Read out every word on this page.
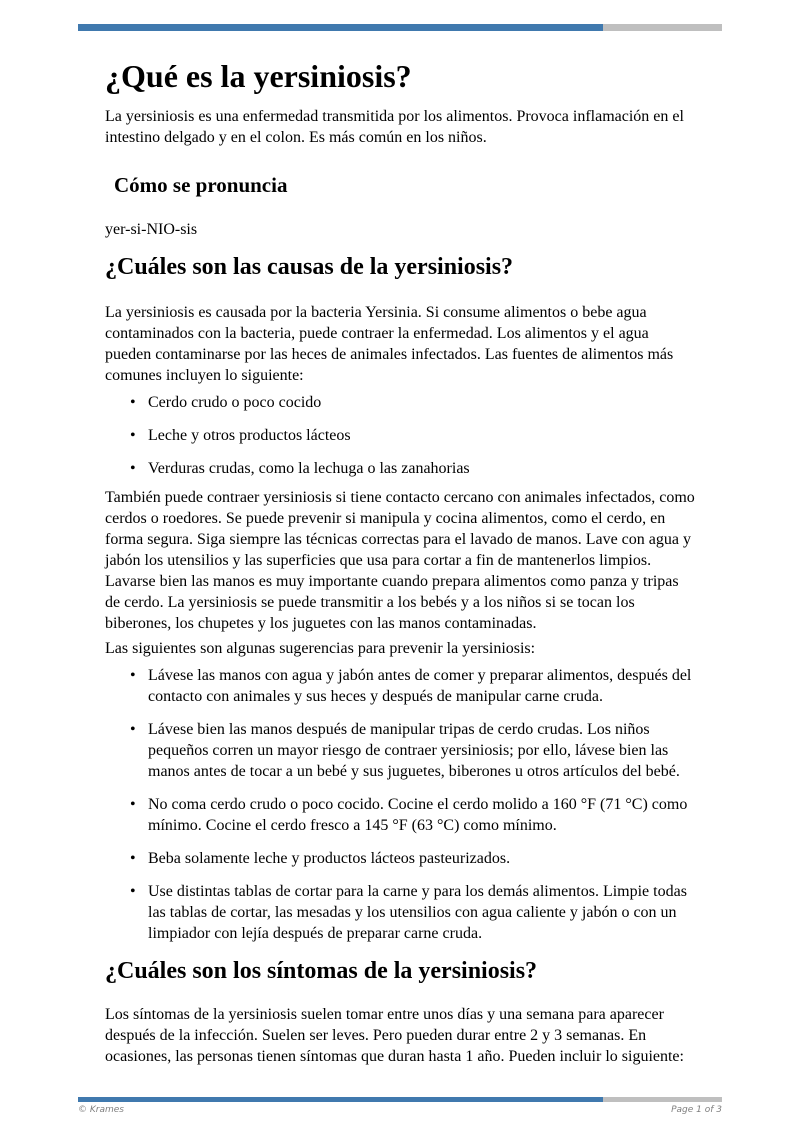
¿Qué es la yersiniosis?

La yersiniosis es una enfermedad transmitida por los alimentos. Provoca inflamación en el intestino delgado y en el colon. Es más común en los niños.

Cómo se pronuncia

yer-si-NIO-sis

¿Cuáles son las causas de la yersiniosis?

La yersiniosis es causada por la bacteria Yersinia. Si consume alimentos o bebe agua contaminados con la bacteria, puede contraer la enfermedad. Los alimentos y el agua pueden contaminarse por las heces de animales infectados. Las fuentes de alimentos más comunes incluyen lo siguiente:

• Cerdo crudo o poco cocido
• Leche y otros productos lácteos
• Verduras crudas, como la lechuga o las zanahorias

También puede contraer yersiniosis si tiene contacto cercano con animales infectados, como cerdos o roedores. Se puede prevenir si manipula y cocina alimentos, como el cerdo, en forma segura. Siga siempre las técnicas correctas para el lavado de manos. Lave con agua y jabón los utensilios y las superficies que usa para cortar a fin de mantenerlos limpios. Lavarse bien las manos es muy importante cuando prepara alimentos como panza y tripas de cerdo. La yersiniosis se puede transmitir a los bebés y a los niños si se tocan los biberones, los chupetes y los juguetes con las manos contaminadas.

Las siguientes son algunas sugerencias para prevenir la yersiniosis:

• Lávese las manos con agua y jabón antes de comer y preparar alimentos, después del contacto con animales y sus heces y después de manipular carne cruda.
• Lávese bien las manos después de manipular tripas de cerdo crudas. Los niños pequeños corren un mayor riesgo de contraer yersiniosis; por ello, lávese bien las manos antes de tocar a un bebé y sus juguetes, biberones u otros artículos del bebé.
• No coma cerdo crudo o poco cocido. Cocine el cerdo molido a 160 °F (71 °C) como mínimo. Cocine el cerdo fresco a 145 °F (63 °C) como mínimo.
• Beba solamente leche y productos lácteos pasteurizados.
• Use distintas tablas de cortar para la carne y para los demás alimentos. Limpie todas las tablas de cortar, las mesadas y los utensilios con agua caliente y jabón o con un limpiador con lejía después de preparar carne cruda.
¿Cuáles son los síntomas de la yersiniosis?

Los síntomas de la yersiniosis suelen tomar entre unos días y una semana para aparecer después de la infección. Suelen ser leves. Pero pueden durar entre 2 y 3 semanas. En ocasiones, las personas tienen síntomas que duran hasta 1 año. Pueden incluir lo siguiente:

© Krames	Page 1 of 3
